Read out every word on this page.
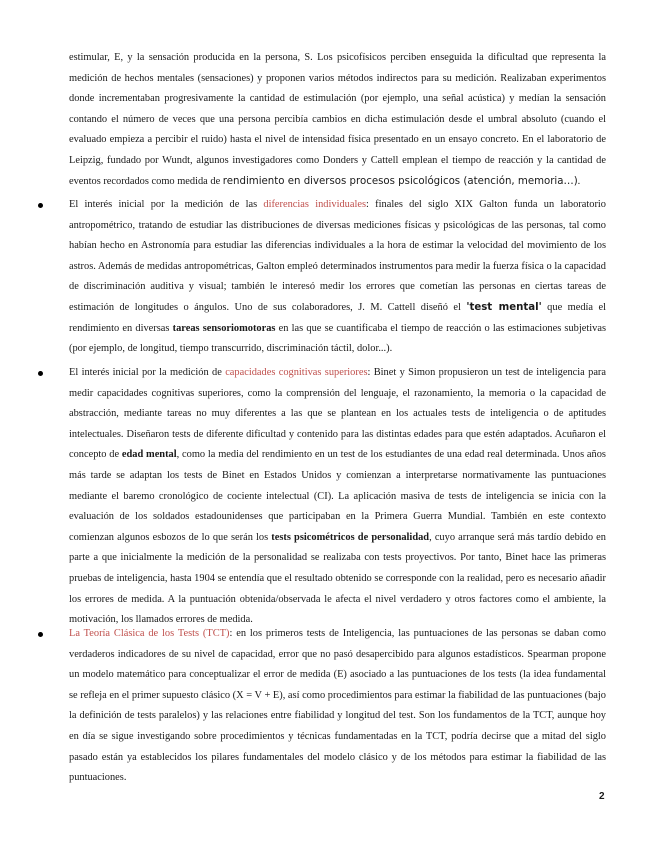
estimular, E, y la sensación producida en la persona, S. Los psicofísicos perciben enseguida la dificultad que representa la medición de hechos mentales (sensaciones) y proponen varios métodos indirectos para su medición. Realizaban experimentos donde incrementaban progresivamente la cantidad de estimulación (por ejemplo, una señal acústica) y medían la sensación contando el número de veces que una persona percibía cambios en dicha estimulación desde el umbral absoluto (cuando el evaluado empieza a percibir el ruido) hasta el nivel de intensidad física presentado en un ensayo concreto. En el laboratorio de Leipzig, fundado por Wundt, algunos investigadores como Donders y Cattell emplean el tiempo de reacción y la cantidad de eventos recordados como medida de rendimiento en diversos procesos psicológicos (atención, memoria…).

El interés inicial por la medición de las diferencias individuales: finales del siglo XIX Galton funda un laboratorio antropométrico, tratando de estudiar las distribuciones de diversas mediciones físicas y psicológicas de las personas, tal como habían hecho en Astronomía para estudiar las diferencias individuales a la hora de estimar la velocidad del movimiento de los astros. Además de medidas antropométricas, Galton empleó determinados instrumentos para medir la fuerza física o la capacidad de discriminación auditiva y visual; también le interesó medir los errores que cometían las personas en ciertas tareas de estimación de longitudes o ángulos. Uno de sus colaboradores, J. M. Cattell diseñó el 'test mental' que medía el rendimiento en diversas tareas sensoriomotoras en las que se cuantificaba el tiempo de reacción o las estimaciones subjetivas (por ejemplo, de longitud, tiempo transcurrido, discriminación táctil, dolor...).
El interés inicial por la medición de capacidades cognitivas superiores: Binet y Simon propusieron un test de inteligencia para medir capacidades cognitivas superiores, como la comprensión del lenguaje, el razonamiento, la memoria o la capacidad de abstracción, mediante tareas no muy diferentes a las que se plantean en los actuales tests de inteligencia o de aptitudes intelectuales. Diseñaron tests de diferente dificultad y contenido para las distintas edades para que estén adaptados. Acuñaron el concepto de edad mental, como la media del rendimiento en un test de los estudiantes de una edad real determinada. Unos años más tarde se adaptan los tests de Binet en Estados Unidos y comienzan a interpretarse normativamente las puntuaciones mediante el baremo cronológico de cociente intelectual (CI). La aplicación masiva de tests de inteligencia se inicia con la evaluación de los soldados estadounidenses que participaban en la Primera Guerra Mundial. También en este contexto comienzan algunos esbozos de lo que serán los tests psicométricos de personalidad, cuyo arranque será más tardío debido en parte a que inicialmente la medición de la personalidad se realizaba con tests proyectivos. Por tanto, Binet hace las primeras pruebas de inteligencia, hasta 1904 se entendía que el resultado obtenido se corresponde con la realidad, pero es necesario añadir los errores de medida. A la puntuación obtenida/observada le afecta el nivel verdadero y otros factores como el ambiente, la motivación, los llamados errores de medida.
La Teoría Clásica de los Tests (TCT): en los primeros tests de Inteligencia, las puntuaciones de las personas se daban como verdaderos indicadores de su nivel de capacidad, error que no pasó desapercibido para algunos estadísticos. Spearman propone un modelo matemático para conceptualizar el error de medida (E) asociado a las puntuaciones de los tests (la idea fundamental se refleja en el primer supuesto clásico (X = V + E), así como procedimientos para estimar la fiabilidad de las puntuaciones (bajo la definición de tests paralelos) y las relaciones entre fiabilidad y longitud del test. Son los fundamentos de la TCT, aunque hoy en día se sigue investigando sobre procedimientos y técnicas fundamentadas en la TCT, podría decirse que a mitad del siglo pasado están ya establecidos los pilares fundamentales del modelo clásico y de los métodos para estimar la fiabilidad de las puntuaciones.
2
